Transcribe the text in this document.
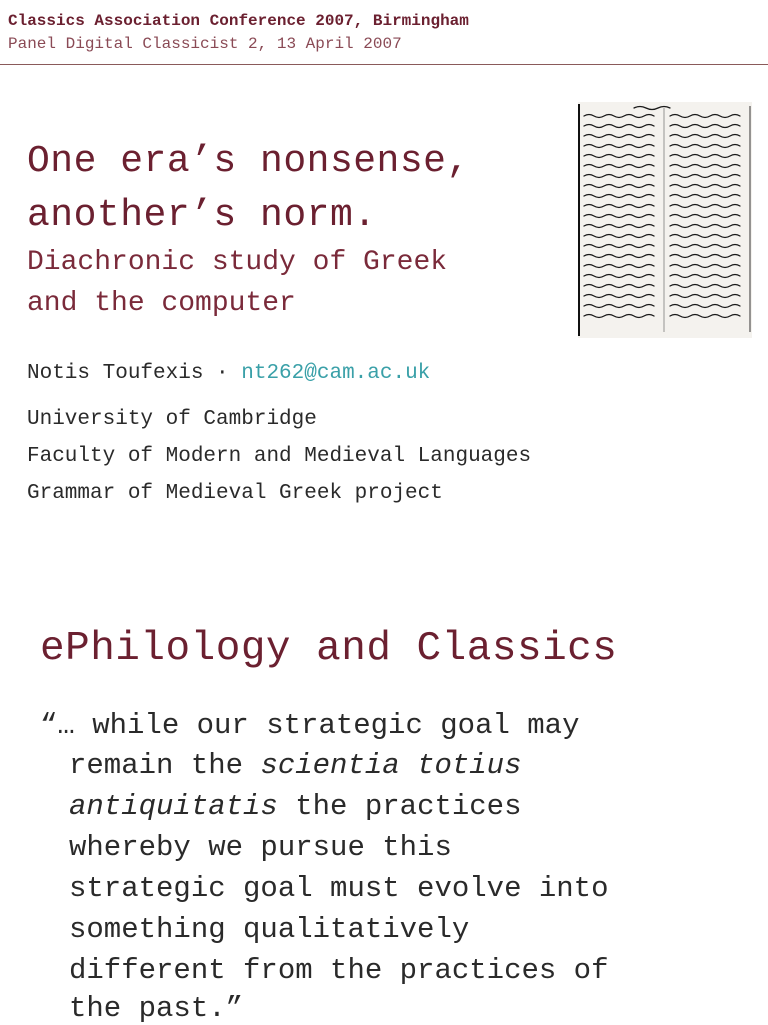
Classics Association Conference 2007, Birmingham
Panel Digital Classicist 2, 13 April 2007
One era’s nonsense,
another’s norm.
Diachronic study of Greek
and the computer
Notis Toufexis · nt262@cam.ac.uk
University of Cambridge
Faculty of Modern and Medieval Languages
Grammar of Medieval Greek project
ePhilology and Classics
“… while our strategic goal may
remain the scientia totius
antiquitatis the practices
whereby we pursue this
strategic goal must evolve into
something qualitatively
different from the practices of
the past.”
